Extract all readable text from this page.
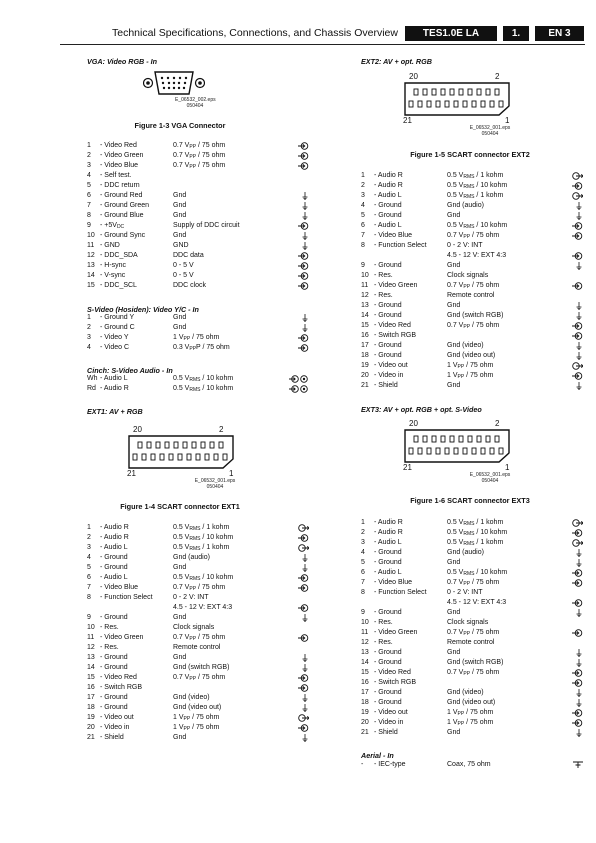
Technical Specifications, Connections, and Chassis Overview	TES1.0E LA	1.	EN 3
VGA: Video RGB - In
E_06532_002.eps
050404
Figure 1-3 VGA Connector
1 - Video Red	0.7 $V_{PP} / 75$ ohm
2 - Video Green	0.7 $V_{PP} / 75$ ohm
3 - Video Blue	0.7 $V_{PP} / 75$ ohm
4 - Self test.
5 - DDC return
6 - Ground Red	Gnd
7 - Ground Green	Gnd
8 - Ground Blue	Gnd
$9 - +5V_{DC}$	Supply of DDC circuit
10 - Ground Sync	Gnd
11 - GND	GND
12 - DDC_SDA	DDC data
13 - H-sync	0 - 5 V
14 - V-sync	0 - 5 V
15 - DDC_SCL	DDC clock
S-Video (Hosiden): Video Y/C - In
1 - Ground Y	Gnd
2 - Ground C	Gnd
3 - Video Y	1 $V_{PP} / 75$ ohm
4 - Video C	0.3 $V_{PP}P / 75$ ohm
Cinch: S-Video Audio - In
Wh - Audio L	0.5 $V_{RMS} / 10$ kohm
Rd - Audio R	0.5 $V_{RMS} / 10$ kohm
EXT1: AV + RGB
20	2
21	1
E_06532_001.eps
050404
Figure 1-4 SCART connector EXT1
1 - Audio R	0.5 $V_{RMS} / 1$ kohm
2 - Audio R	0.5 $V_{RMS} / 10$ kohm
3 - Audio L	0.5 $V_{RMS} / 1$ kohm
4 - Ground	Gnd (audio)
5 - Ground	Gnd
6 - Audio L	0.5 $V_{RMS} / 10$ kohm
7 - Video Blue	0.7 $V_{PP} / 75$ ohm
8 - Function Select	0 - 2 V: INT
4.5 - 12 V: EXT 4:3
9 - Ground	Gnd
10 - Res.	Clock signals
11 - Video Green	0.7 $V_{PP} / 75$ ohm
12 - Res.	Remote control
13 - Ground	Gnd
14 - Ground	Gnd (switch RGB)
15 - Video Red	0.7 $V_{PP} / 75$ ohm
16 - Switch RGB
17 - Ground	Gnd (video)
18 - Ground	Gnd (video out)
19 - Video out	1 $V_{PP} / 75$ ohm
20 - Video in	1 $V_{PP} / 75$ ohm
21 - Shield	Gnd
EXT2: AV + opt. RGB
20	2
21	1
E_06532_001.eps
050404
Figure 1-5 SCART connector EXT2
1 - Audio R	0.5 $V_{RMS} / 1$ kohm
2 - Audio R	0.5 $V_{RMS} / 10$ kohm
3 - Audio L	0.5 $V_{RMS} / 1$ kohm
4 - Ground	Gnd (audio)
5 - Ground	Gnd
6 - Audio L	0.5 $V_{RMS} / 10$ kohm
7 - Video Blue	0.7 $V_{PP} / 75$ ohm
8 - Function Select	0 - 2 V: INT
4.5 - 12 V: EXT 4:3
9 - Ground	Gnd
10 - Res.	Clock signals
11 - Video Green	0.7 $V_{PP} / 75$ ohm
12 - Res.	Remote control
13 - Ground	Gnd
14 - Ground	Gnd (switch RGB)
15 - Video Red	0.7 $V_{PP} / 75$ ohm
16 - Switch RGB
17 - Ground	Gnd (video)
18 - Ground	Gnd (video out)
19 - Video out	1 $V_{PP} / 75$ ohm
20 - Video in	1 $V_{PP} / 75$ ohm
21 - Shield	Gnd
EXT3: AV + opt. RGB + opt. S-Video
20	2
21	1
E_06532_001.eps
050404
Figure 1-6 SCART connector EXT3
1 - Audio R	0.5 $V_{RMS} / 1$ kohm
2 - Audio R	0.5 $V_{RMS} / 10$ kohm
3 - Audio L	0.5 $V_{RMS} / 1$ kohm
4 - Ground	Gnd (audio)
5 - Ground	Gnd
6 - Audio L	0.5 $V_{RMS} / 10$ kohm
7 - Video Blue	0.7 $V_{PP} / 75$ ohm
8 - Function Select	0 - 2 V: INT
4.5 - 12 V: EXT 4:3
9 - Ground	Gnd
10 - Res.	Clock signals
11 - Video Green	0.7 $V_{PP} / 75$ ohm
12 - Res.	Remote control
13 - Ground	Gnd
14 - Ground	Gnd (switch RGB)
15 - Video Red	0.7 $V_{PP} / 75$ ohm
16 - Switch RGB
17 - Ground	Gnd (video)
18 - Ground	Gnd (video out)
19 - Video out	1 $V_{PP} / 75$ ohm
20 - Video in	1 $V_{PP} / 75$ ohm
21 - Shield	Gnd
Aerial - In
- - IEC-type	Coax, 75 ohm
